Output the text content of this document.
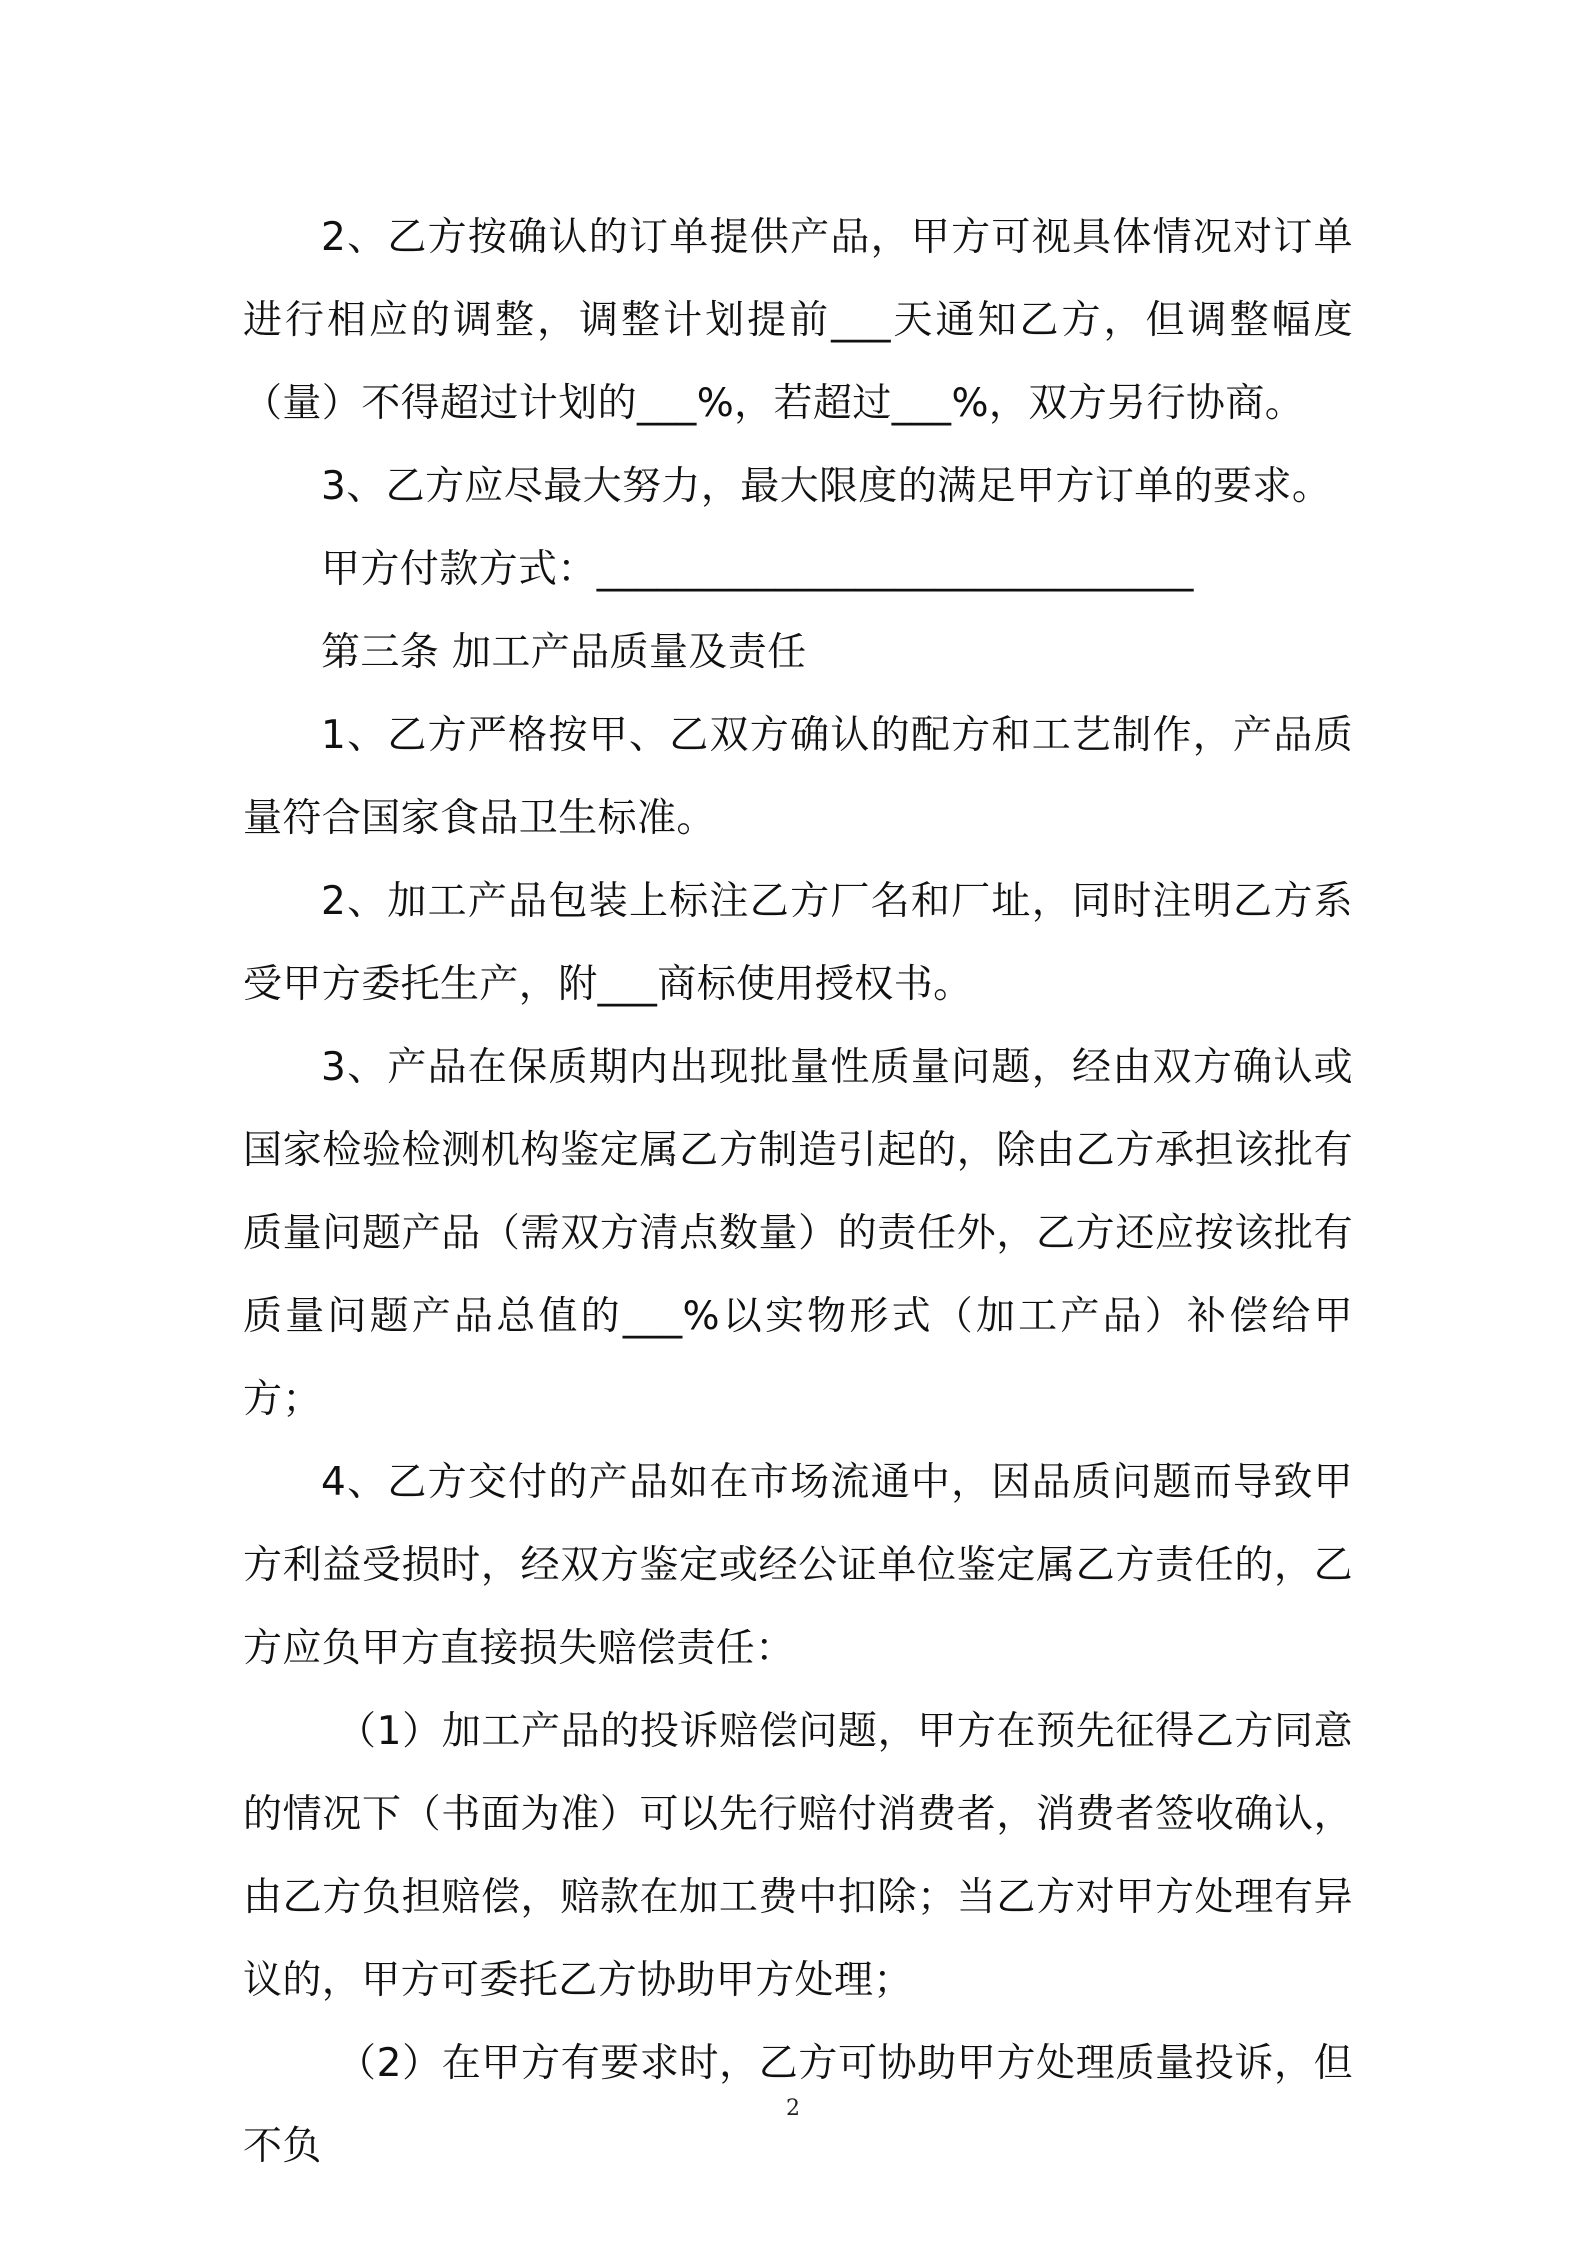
2、乙方按确认的订单提供产品，甲方可视具体情况对订单进行相应的调整，调整计划提前___天通知乙方，但调整幅度（量）不得超过计划的___%，若超过___%，双方另行协商。

3、乙方应尽最大努力，最大限度的满足甲方订单的要求。

甲方付款方式：______________________________

第三条 加工产品质量及责任

1、乙方严格按甲、乙双方确认的配方和工艺制作，产品质量符合国家食品卫生标准。

2、加工产品包装上标注乙方厂名和厂址，同时注明乙方系受甲方委托生产，附___商标使用授权书。

3、产品在保质期内出现批量性质量问题，经由双方确认或国家检验检测机构鉴定属乙方制造引起的，除由乙方承担该批有质量问题产品（需双方清点数量）的责任外，乙方还应按该批有质量问题产品总值的___%以实物形式（加工产品）补偿给甲方；

4、乙方交付的产品如在市场流通中，因品质问题而导致甲方利益受损时，经双方鉴定或经公证单位鉴定属乙方责任的，乙方应负甲方直接损失赔偿责任：

（1）加工产品的投诉赔偿问题，甲方在预先征得乙方同意的情况下（书面为准）可以先行赔付消费者，消费者签收确认，由乙方负担赔偿，赔款在加工费中扣除；当乙方对甲方处理有异议的，甲方可委托乙方协助甲方处理；

（2）在甲方有要求时，乙方可协助甲方处理质量投诉，但不负

2
